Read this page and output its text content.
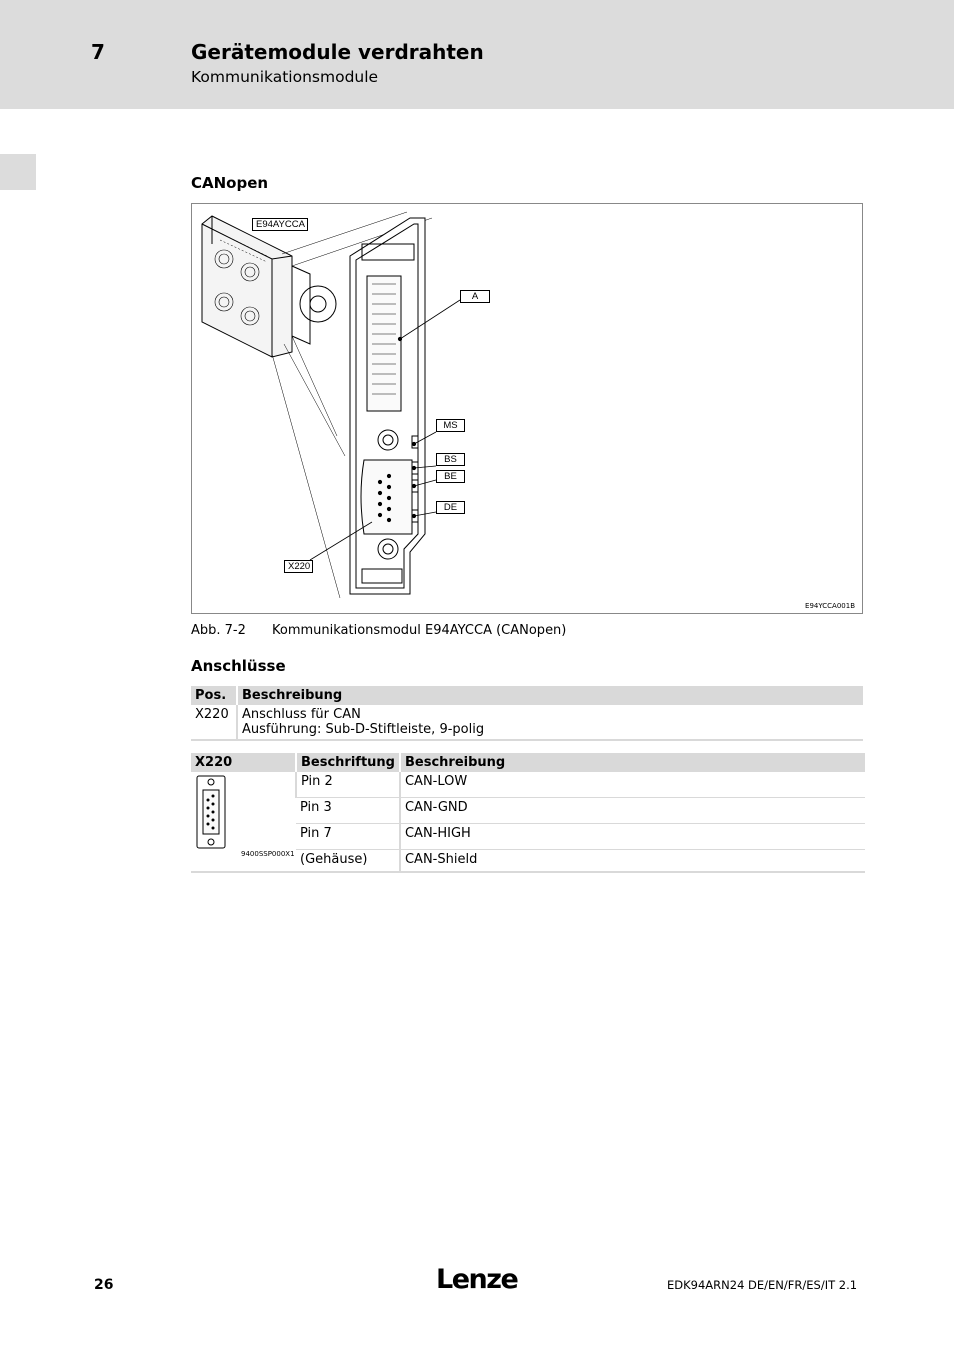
7	Gerätemodule verdrahten
Kommunikationsmodule
CANopen
E94AYCCA
A
MS
BS
BE
DE
X220
E94YCCA001B
Abb. 7-2 Kommunikationsmodul E94AYCCA (CANopen)
Anschlüsse
Pos.	Beschreibung
X220	Anschluss für CAN
Ausführung: Sub-D-Stiftleiste, 9-polig
X220	Beschriftung	Beschreibung

9400SSP000X1	Pin 2	CAN-LOW
	Pin 3	CAN-GND
	Pin 7	CAN-HIGH
	(Gehäuse)	CAN-Shield
26	Lenze	EDK94ARN24 DE/EN/FR/ES/IT 2.1
